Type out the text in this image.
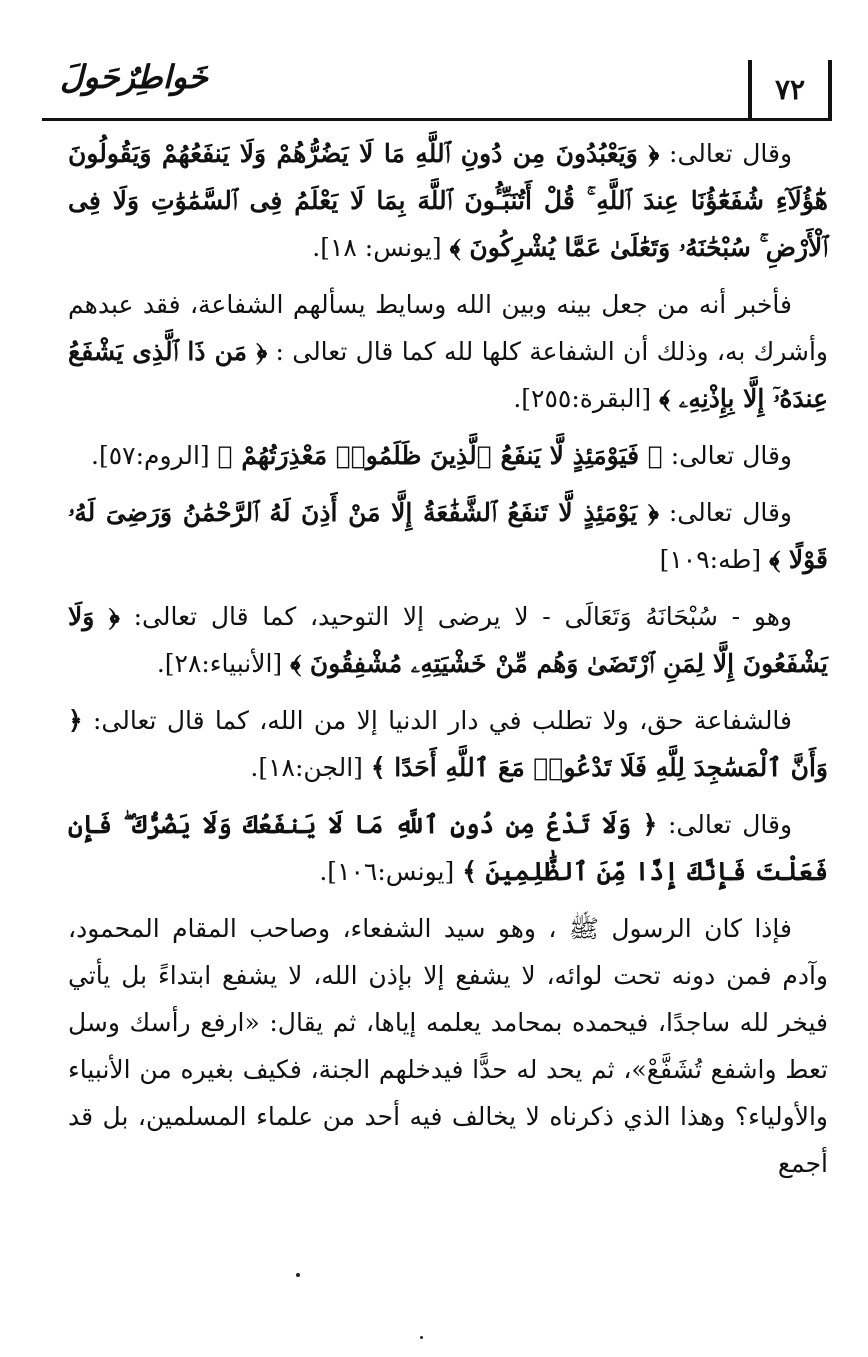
خَواطِرٌحَولَ	٧٢

وقال تعالى: ﴿ وَيَعْبُدُونَ مِن دُونِ ٱللَّهِ مَا لَا يَضُرُّهُمْ وَلَا يَنفَعُهُمْ وَيَقُولُونَ هَٰٓؤُلَآءِ شُفَعَٰٓؤُنَا عِندَ ٱللَّهِ ۚ قُلْ أَتُنَبِّـُٔونَ ٱللَّهَ بِمَا لَا يَعْلَمُ فِى ٱلسَّمَٰوَٰتِ وَلَا فِى ٱلْأَرْضِ ۚ سُبْحَٰنَهُۥ وَتَعَٰلَىٰ عَمَّا يُشْرِكُونَ ﴾ [يونس: ١٨].

فأخبر أنه من جعل بينه وبين الله وسايط يسألهم الشفاعة، فقد عبدهم وأشرك به، وذلك أن الشفاعة كلها لله كما قال تعالى : ﴿ مَن ذَا ٱلَّذِى يَشْفَعُ عِندَهُۥٓ إِلَّا بِإِذْنِهِۦ ﴾ [البقرة:٢٥٥].

وقال تعالى: ﴿ فَيَوْمَئِذٍ لَّا يَنفَعُ ٱلَّذِينَ ظَلَمُوا۟ مَعْذِرَتُهُمْ ﴾ [الروم:٥٧].

وقال تعالى: ﴿ يَوْمَئِذٍ لَّا تَنفَعُ ٱلشَّفَٰعَةُ إِلَّا مَنْ أَذِنَ لَهُ ٱلرَّحْمَٰنُ وَرَضِىَ لَهُۥ قَوْلًا ﴾ [طه:١٠٩]

وهو - سُبْحَانَهُ وَتَعَالَى - لا يرضى إلا التوحيد، كما قال تعالى: ﴿ وَلَا يَشْفَعُونَ إِلَّا لِمَنِ ٱرْتَضَىٰ وَهُم مِّنْ خَشْيَتِهِۦ مُشْفِقُونَ ﴾ [الأنبياء:٢٨].

فالشفاعة حق، ولا تطلب في دار الدنيا إلا من الله، كما قال تعالى: ﴿ وَأَنَّ ٱلْمَسَٰجِدَ لِلَّهِ فَلَا تَدْعُوا۟ مَعَ ٱللَّهِ أَحَدًا ﴾ [الجن:١٨].

وقال تعالى: ﴿ وَلَا تَدْعُ مِن دُونِ ٱللَّهِ مَا لَا يَنفَعُكَ وَلَا يَضُرُّكَ ۖ فَإِن فَعَلْتَ فَإِنَّكَ إِذًا مِّنَ ٱلظَّٰلِمِينَ ﴾ [يونس:١٠٦].

فإذا كان الرسول ﷺ ، وهو سيد الشفعاء، وصاحب المقام المحمود، وآدم فمن دونه تحت لوائه، لا يشفع إلا بإذن الله، لا يشفع ابتداءً بل يأتي فيخر لله ساجدًا، فيحمده بمحامد يعلمه إياها، ثم يقال: «ارفع رأسك وسل تعط واشفع تُشَفَّعْ»، ثم يحد له حدًّا فيدخلهم الجنة، فكيف بغيره من الأنبياء والأولياء؟ وهذا الذي ذكرناه لا يخالف فيه أحد من علماء المسلمين، بل قد أجمع
